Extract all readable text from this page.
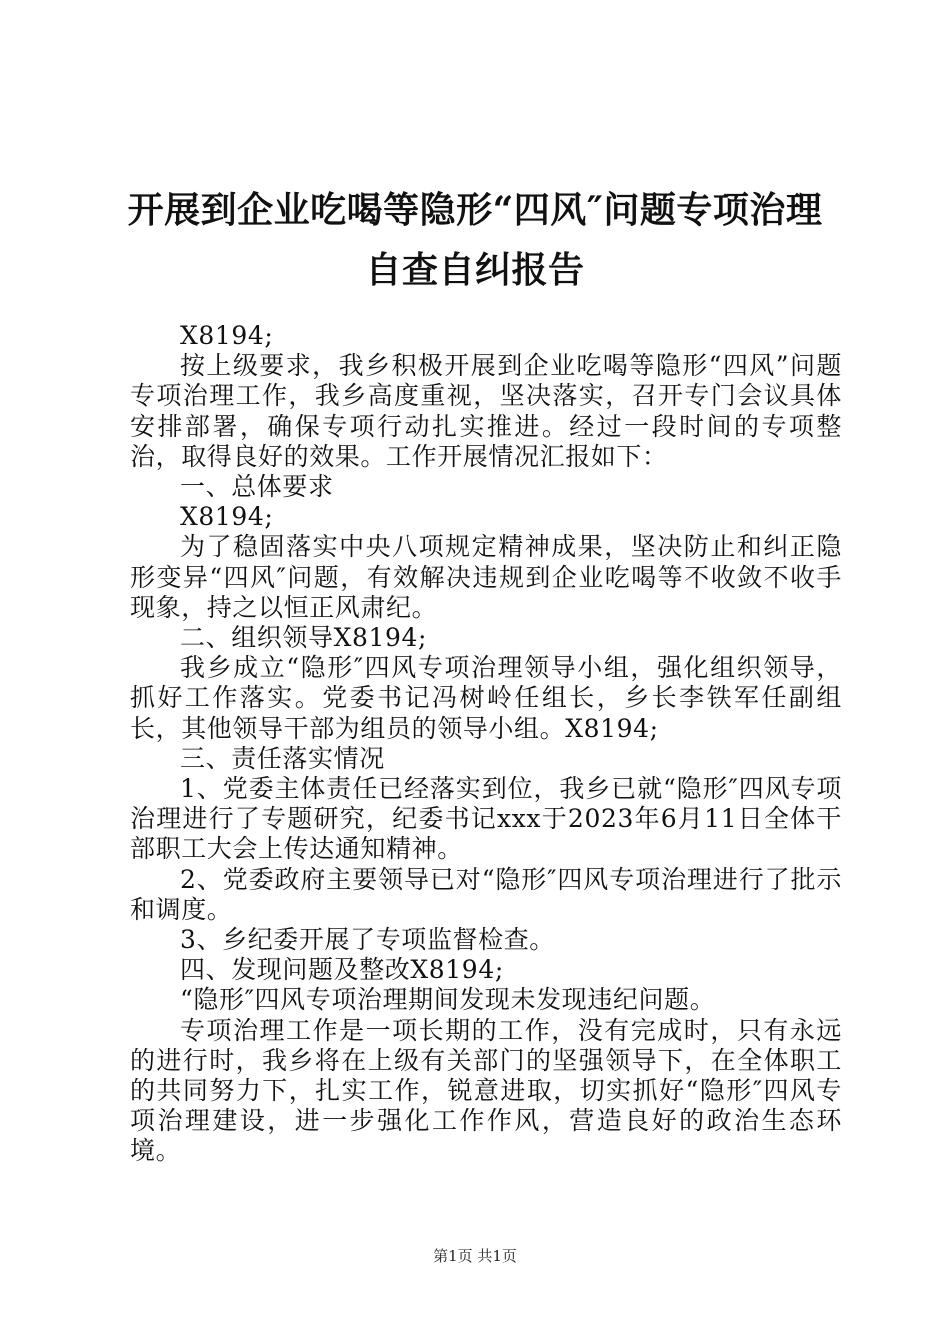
开展到企业吃喝等隐形“四风″问题专项治理
自查自纠报告

X8194;

按上级要求，我乡积极开展到企业吃喝等隐形“四风”问题专项治理工作，我乡高度重视，坚决落实，召开专门会议具体安排部署，确保专项行动扎实推进。经过一段时间的专项整治，取得良好的效果。工作开展情况汇报如下：

一、总体要求

X8194;

为了稳固落实中央八项规定精神成果，坚决防止和纠正隐形变异“四风″问题，有效解决违规到企业吃喝等不收敛不收手现象，持之以恒正风肃纪。

二、组织领导X8194;

我乡成立“隐形″四风专项治理领导小组，强化组织领导，抓好工作落实。党委书记冯树岭任组长，乡长李铁军任副组长，其他领导干部为组员的领导小组。X8194;

三、责任落实情况

1、党委主体责任已经落实到位，我乡已就“隐形″四风专项治理进行了专题研究，纪委书记xxx于2023年6月11日全体干部职工大会上传达通知精神。

2、党委政府主要领导已对“隐形″四风专项治理进行了批示和调度。

3、乡纪委开展了专项监督检查。

四、发现问题及整改X8194;

“隐形″四风专项治理期间发现未发现违纪问题。

专项治理工作是一项长期的工作，没有完成时，只有永远的进行时，我乡将在上级有关部门的坚强领导下，在全体职工的共同努力下，扎实工作，锐意进取，切实抓好“隐形″四风专项治理建设，进一步强化工作作风，营造良好的政治生态环境。

第1页 共1页
